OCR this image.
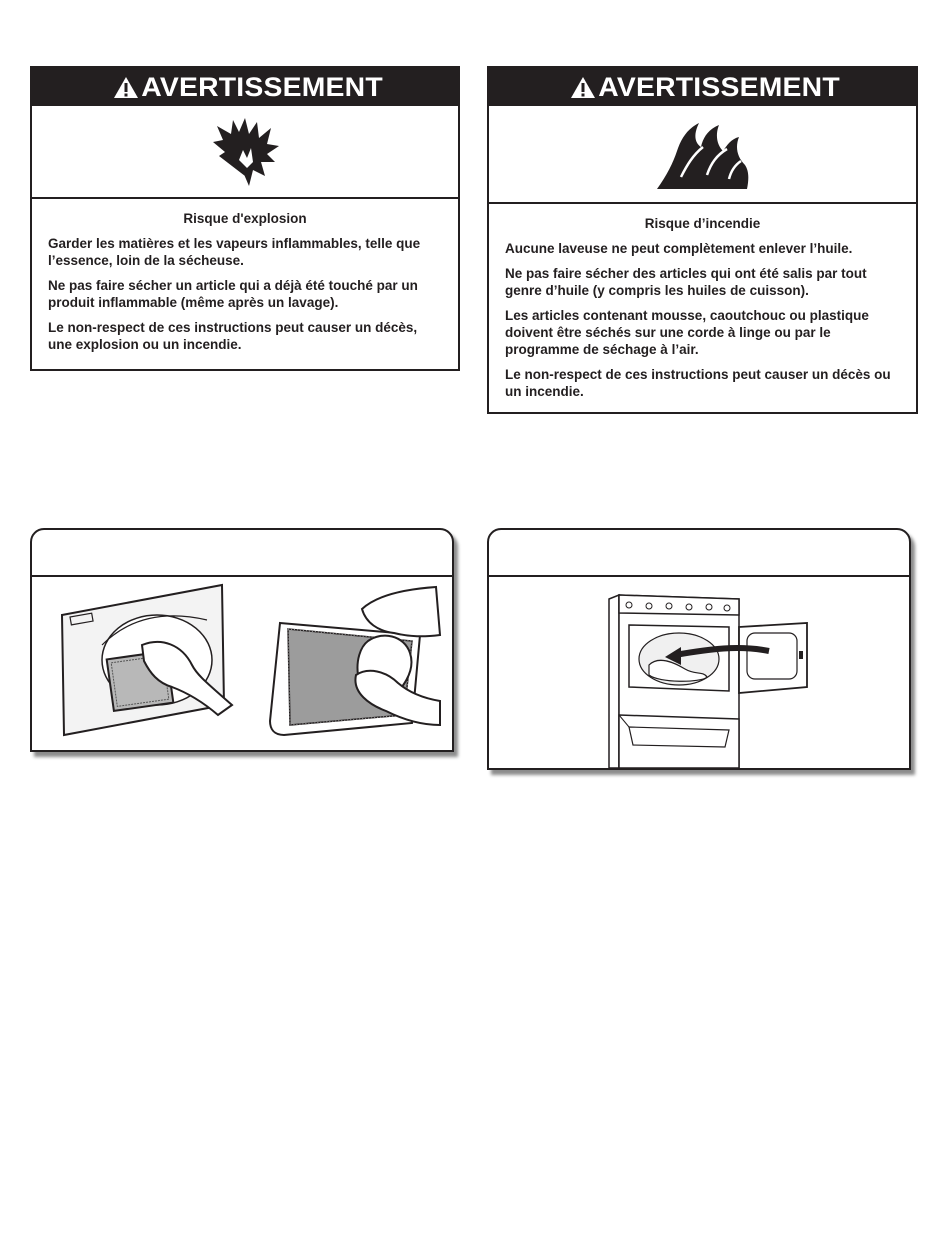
AVERTISSEMENT
Risque d'explosion

Garder les matières et les vapeurs inflammables, telle que l’essence, loin de la sécheuse.

Ne pas faire sécher un article qui a déjà été touché par un produit inflammable (même après un lavage).

Le non-respect de ces instructions peut causer un décès, une explosion ou un incendie.

AVERTISSEMENT
Risque d’incendie

Aucune laveuse ne peut complètement enlever l’huile.

Ne pas faire sécher des articles qui ont été salis par tout genre d’huile (y compris les huiles de cuisson).

Les articles contenant mousse, caoutchouc ou plastique doivent être séchés sur une corde à linge ou par le programme de séchage à l’air.

Le non-respect de ces instructions peut causer un décès ou un incendie.
